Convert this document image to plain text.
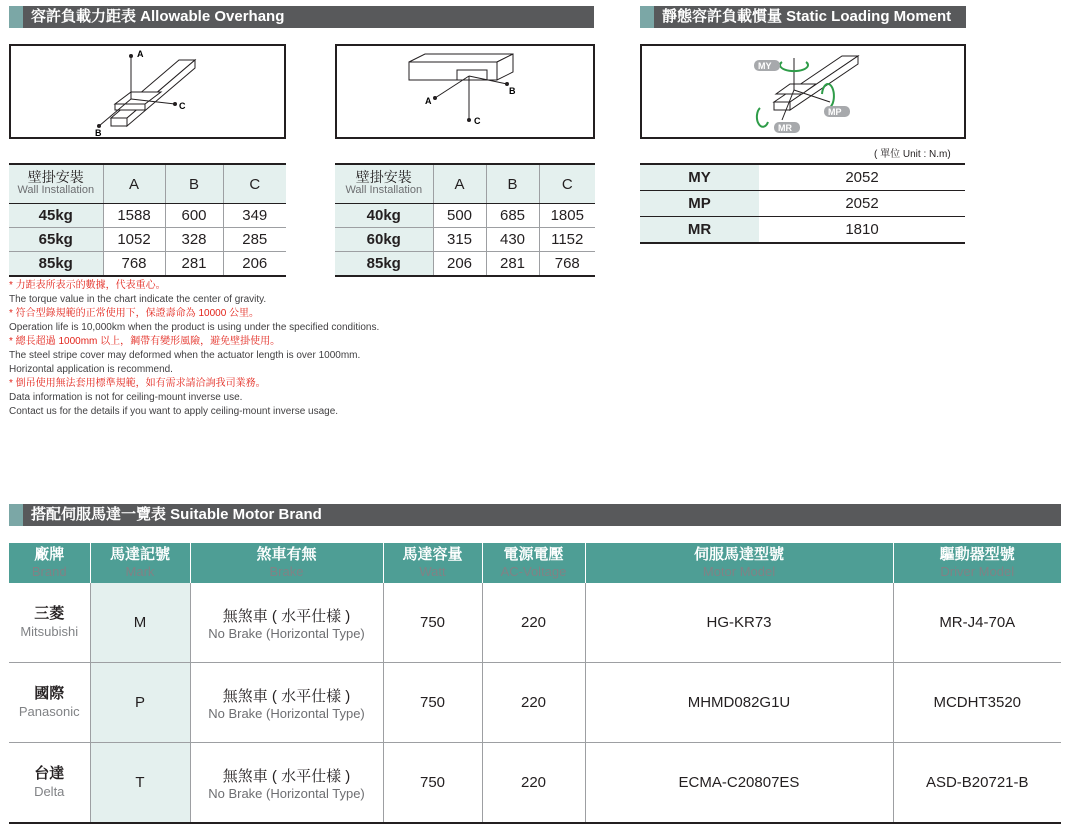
容許負載力距表 Allowable Overhang	靜態容許負載慣量 Static Loading Moment
A
C
B
A
B
C
MY
MP
MR
壁掛安裝
Wall Installation	A	B	C
45kg	1588	600	349
65kg	1052	328	285
85kg	768	281	206
壁掛安裝
Wall Installation	A	B	C
40kg	500	685	1805
60kg	315	430	1152
85kg	206	281	768
* 力距表所表示的數據，代表重心。
The torque value in the chart indicate the center of gravity.
* 符合型錄規範的正常使用下，保證壽命為 10000 公里。
Operation life is 10,000km when the product is using under the specified conditions.
* 總長超過 1000mm 以上，鋼帶有變形風險，避免壁掛使用。
The steel stripe cover may deformed when the actuator length is over 1000mm.
Horizontal application is recommend.
* 倒吊使用無法套用標準規範，如有需求請洽詢我司業務。
Data information is not for ceiling-mount inverse use.
Contact us for the details if you want to apply ceiling-mount inverse usage.
( 單位 Unit : N.m)
MY	2052
MP	2052
MR	1810
搭配伺服馬達一覽表 Suitable Motor Brand
廠牌
Brand	馬達記號
Mark	煞車有無
Brake	馬達容量
Watt	電源電壓
AC-Voltage	伺服馬達型號
Motor Model	驅動器型號
Driver Model

三菱
Mitsubishi	M	無煞車 ( 水平仕樣 )
No Brake (Horizontal Type)	750	220	HG-KR73	MR-J4-70A

國際
Panasonic	P	無煞車 ( 水平仕樣 )
No Brake (Horizontal Type)	750	220	MHMD082G1U	MCDHT3520

台達
Delta	T	無煞車 ( 水平仕樣 )
No Brake (Horizontal Type)	750	220	ECMA-C20807ES	ASD-B20721-B
